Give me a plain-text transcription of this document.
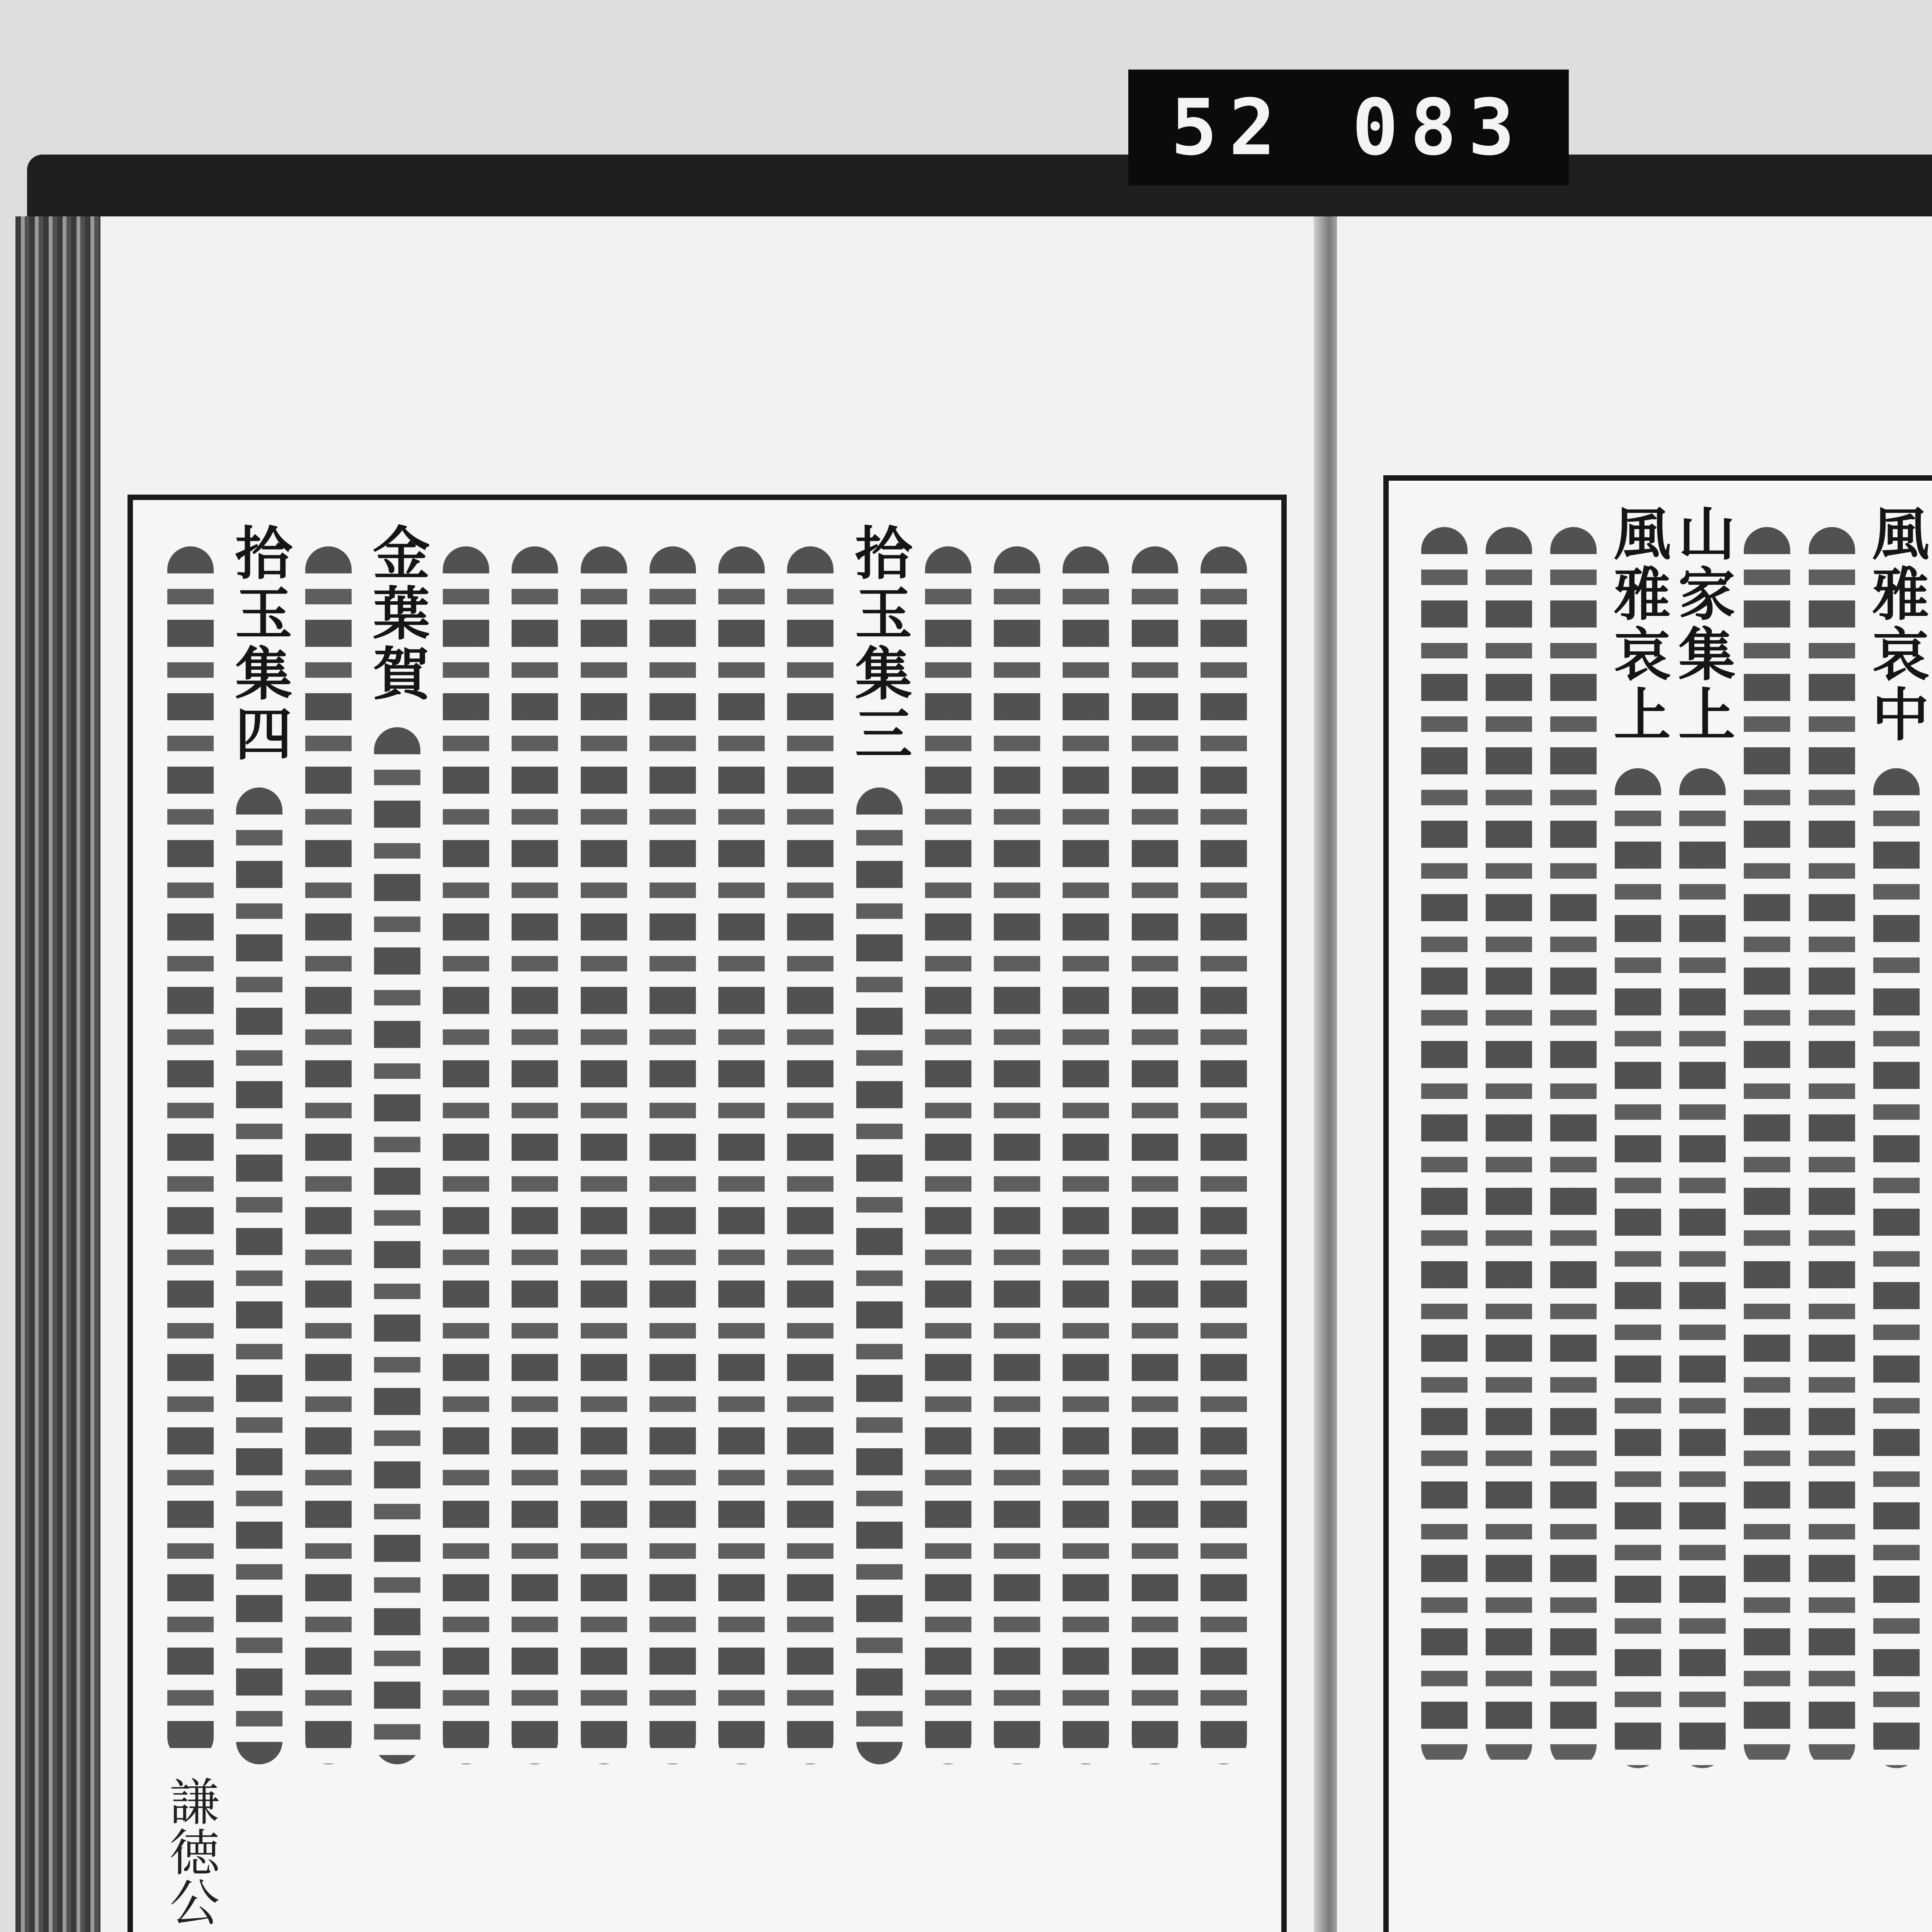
52 083
風雅哀中
山家集上
風雅哀上
拾玉集三
金葉賀
拾玉集四
謙徳公
